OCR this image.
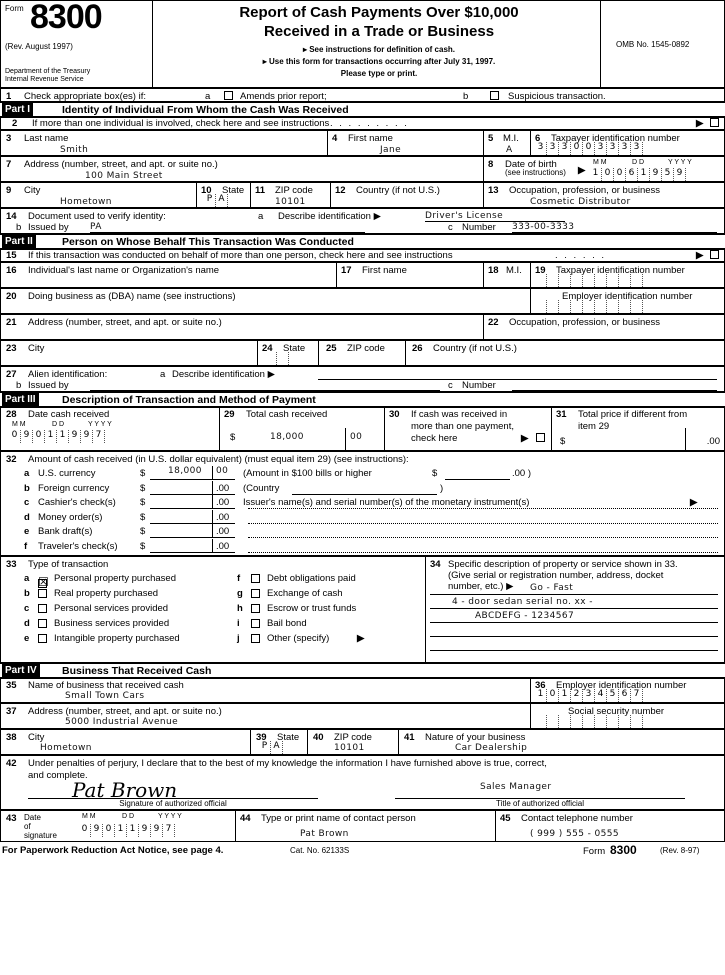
Form 8300
(Rev. August 1997)
Department of the Treasury
Internal Revenue Service
Report of Cash Payments Over $10,000
Received in a Trade or Business
▸ See instructions for definition of cash.
▸ Use this form for transactions occurring after July 31, 1997.
Please type or print.
OMB No. 1545-0892
1 Check appropriate box(es) if:	a	Amends prior report;	b	Suspicious transaction.
Part I	Identity of Individual From Whom the Cash Was Received
2 If more than one individual is involved, check here and see instructions . . . . . . . . .	▶
3 Last name
Smith
4 First name
Jane
5 M.I.
A
6 Taxpayer identification number
3 3 3 0 0 3 3 3 3
7 Address (number, street, and apt. or suite no.)
100 Main Street
8 Date of birth
(see instructions) ▶
M M	D D	Y Y Y Y
1 0 0 6 1 9 5 9
9 City
Hometown
10 State
P A
11 ZIP code
10101
12 Country (if not U.S.)	13 Occupation, profession, or business
Cosmetic Distributor
14 Document used to verify identity:	a Describe identification ▶	Driver's License
b Issued by PA	c Number 333-00-3333
Part II	Person on Whose Behalf This Transaction Was Conducted
15 If this transaction was conducted on behalf of more than one person, check here and see instructions	. . . . . .	▶
16 Individual's last name or Organization's name	17 First name	18 M.I. 19 Taxpayer identification number
20 Doing business as (DBA) name (see instructions)	Employer identification number
21 Address (number, street, and apt. or suite no.)	22 Occupation, profession, or business
23 City	24 State 25 ZIP code	26 Country (if not U.S.)
27 Alien identification:	a Describe identification ▶
b Issued by	c Number
Part III	Description of Transaction and Method of Payment
28 Date cash received
M M	D D	Y Y Y Y
0 9 0 1 1 9 9 7
29 Total cash received
$	18,000	00
30 If cash was received in
more than one payment,
check here	▶
31 Total price if different from
item 29
$	.00
32 Amount of cash received (in U.S. dollar equivalent) (must equal item 29) (see instructions):
a U.S. currency	$	18,000 00 (Amount in $100 bills or higher	$	.00 )
b Foreign currency	$	.00 (Country	)
c Cashier's check(s)	$	.00 Issuer's name(s) and serial number(s) of the monetary instrument(s)	▶
d Money order(s)	$	.00
e Bank draft(s)	$	.00
f Traveler's check(s) $	.00
33 Type of transaction
a ☒	Personal property purchased
b	Real property purchased
c	Personal services provided
d	Business services provided
e	Intangible property purchased
f	Debt obligations paid
g	Exchange of cash
h	Escrow or trust funds
i	Bail bond
j	Other (specify)	▶
34 Specific description of property or service shown in 33.
(Give serial or registration number, address, docket
number, etc.) ▶ Go - Fast
4 - door sedan serial no. xx -
ABCDEFG - 1234567
Part IV Business That Received Cash
35 Name of business that received cash
Small Town Cars
36 Employer identification number
1 0 1 2 3 4 5 6 7
37 Address (number, street, and apt. or suite no.)
5000 Industrial Avenue
Social security number
38 City
Hometown
39 State
P A
40 ZIP code
10101
41 Nature of your business
Car Dealership
42 Under penalties of perjury, I declare that to the best of my knowledge the information I have furnished above is true, correct,
and complete.
Pat Brown
Signature of authorized official
Sales Manager
Title of authorized official
43 Date
of
signature
M M	D D	Y Y Y Y
0 9 0 1 1 9 9 7
44 Type or print name of contact person
Pat Brown
45 Contact telephone number
( 999 ) 555 - 0555
For Paperwork Reduction Act Notice, see page 4.	Cat. No. 62133S	Form 8300	(Rev. 8-97)
